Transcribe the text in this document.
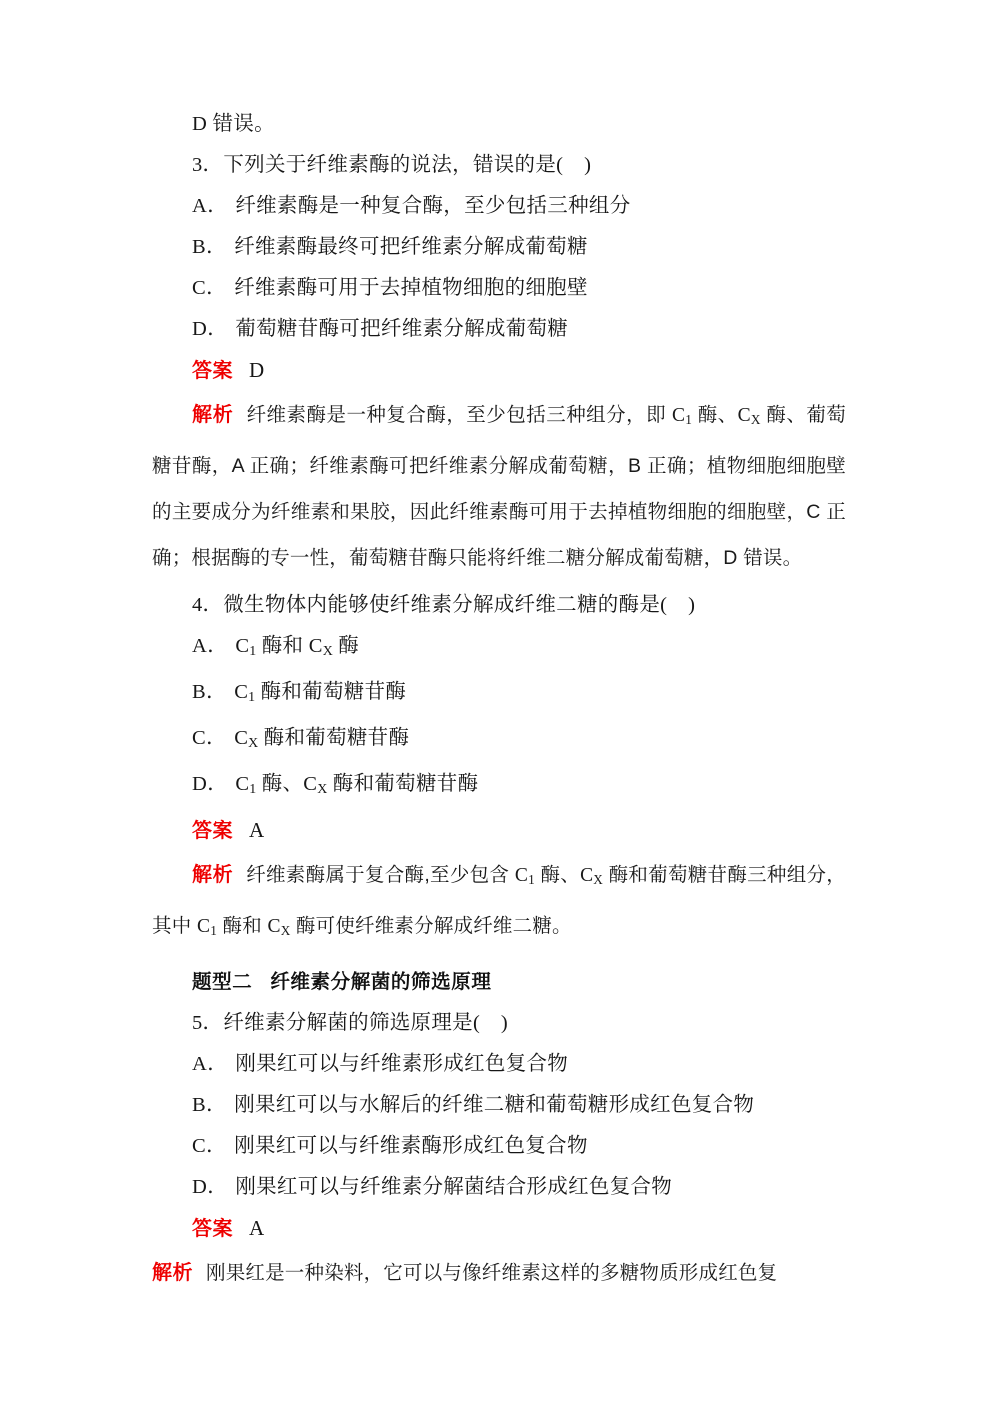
D 错误。

3．下列关于纤维素酶的说法，错误的是(　)

A． 纤维素酶是一种复合酶，至少包括三种组分

B． 纤维素酶最终可把纤维素分解成葡萄糖

C． 纤维素酶可用于去掉植物细胞的细胞壁

D． 葡萄糖苷酶可把纤维素分解成葡萄糖

答案 D

解析 纤维素酶是一种复合酶，至少包括三种组分，即 $C_1$ 酶、$C_X$ 酶、葡萄糖苷酶，A 正确；纤维素酶可把纤维素分解成葡萄糖，B 正确；植物细胞细胞壁的主要成分为纤维素和果胶，因此纤维素酶可用于去掉植物细胞的细胞壁，C 正确；根据酶的专一性，葡萄糖苷酶只能将纤维二糖分解成葡萄糖，D 错误。

4．微生物体内能够使纤维素分解成纤维二糖的酶是(　)

A． $C_1$ 酶和 $C_X$ 酶

B． $C_1$ 酶和葡萄糖苷酶

C． $C_X$ 酶和葡萄糖苷酶

D． $C_1$ 酶、$C_X$ 酶和葡萄糖苷酶

答案 A

解析 纤维素酶属于复合酶,至少包含 $C_1$ 酶、$C_X$ 酶和葡萄糖苷酶三种组分，其中 $C_1$ 酶和 $C_X$ 酶可使纤维素分解成纤维二糖。

题型二 纤维素分解菌的筛选原理

5．纤维素分解菌的筛选原理是(　)

A． 刚果红可以与纤维素形成红色复合物

B． 刚果红可以与水解后的纤维二糖和葡萄糖形成红色复合物

C． 刚果红可以与纤维素酶形成红色复合物

D． 刚果红可以与纤维素分解菌结合形成红色复合物

答案 A

解析 刚果红是一种染料，它可以与像纤维素这样的多糖物质形成红色复
